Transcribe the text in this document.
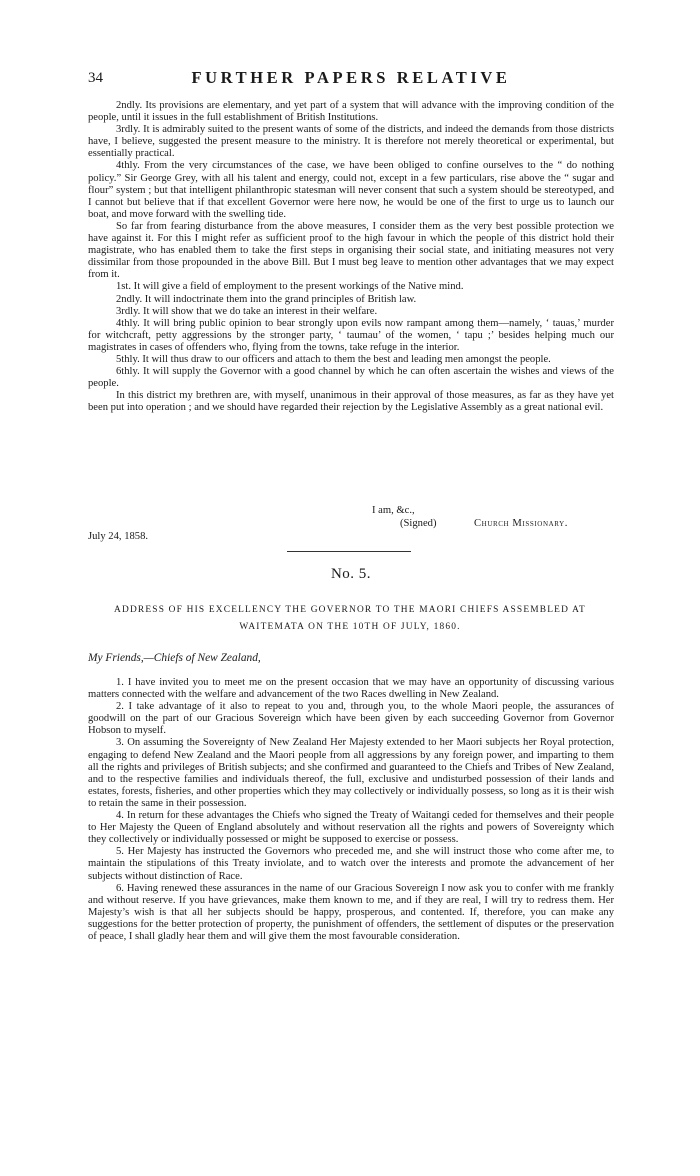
34	FURTHER PAPERS RELATIVE

2ndly. Its provisions are elementary, and yet part of a system that will advance with the improving condition of the people, until it issues in the full establishment of British Institutions.

3rdly. It is admirably suited to the present wants of some of the districts, and indeed the demands from those districts have, I believe, suggested the present measure to the ministry. It is therefore not merely theoretical or experimental, but essentially practical.

4thly. From the very circumstances of the case, we have been obliged to confine ourselves to the “ do nothing policy.” Sir George Grey, with all his talent and energy, could not, except in a few particulars, rise above the “ sugar and flour” system ; but that intelligent philanthropic statesman will never consent that such a system should be stereotyped, and I cannot but believe that if that excellent Governor were here now, he would be one of the first to urge us to launch our boat, and move forward with the swelling tide.

So far from fearing disturbance from the above measures, I consider them as the very best possible protection we have against it. For this I might refer as sufficient proof to the high favour in which the people of this district hold their magistrate, who has enabled them to take the first steps in organising their social state, and initiating measures not very dissimilar from those propounded in the above Bill. But I must beg leave to mention other advantages that we may expect from it.

1st. It will give a field of employment to the present workings of the Native mind.

2ndly. It will indoctrinate them into the grand principles of British law.

3rdly. It will show that we do take an interest in their welfare.

4thly. It will bring public opinion to bear strongly upon evils now rampant among them—namely, ‘ tauas,’ murder for witchcraft, petty aggressions by the stronger party, ‘ taumau’ of the women, ‘ tapu ;’ besides helping much our magistrates in cases of offenders who, flying from the towns, take refuge in the interior.

5thly. It will thus draw to our officers and attach to them the best and leading men amongst the people.

6thly. It will supply the Governor with a good channel by which he can often ascertain the wishes and views of the people.

In this district my brethren are, with myself, unanimous in their approval of those measures, as far as they have yet been put into operation ; and we should have regarded their rejection by the Legislative Assembly as a great national evil.

I am, &c.,
(Signed)	Church Missionary.
July 24, 1858.
No. 5.
ADDRESS OF HIS EXCELLENCY THE GOVERNOR TO THE MAORI CHIEFS ASSEMBLED AT
WAITEMATA ON THE 10TH OF JULY, 1860.
My Friends,—Chiefs of New Zealand,

1. I have invited you to meet me on the present occasion that we may have an opportunity of discussing various matters connected with the welfare and advancement of the two Races dwelling in New Zealand.

2. I take advantage of it also to repeat to you and, through you, to the whole Maori people, the assurances of goodwill on the part of our Gracious Sovereign which have been given by each succeeding Governor from Governor Hobson to myself.

3. On assuming the Sovereignty of New Zealand Her Majesty extended to her Maori subjects her Royal protection, engaging to defend New Zealand and the Maori people from all aggressions by any foreign power, and imparting to them all the rights and privileges of British subjects; and she confirmed and guaranteed to the Chiefs and Tribes of New Zealand, and to the respective families and individuals thereof, the full, exclusive and undisturbed possession of their lands and estates, forests, fisheries, and other properties which they may collectively or individually possess, so long as it is their wish to retain the same in their possession.

4. In return for these advantages the Chiefs who signed the Treaty of Waitangi ceded for themselves and their people to Her Majesty the Queen of England absolutely and without reservation all the rights and powers of Sovereignty which they collectively or individually possessed or might be supposed to exercise or possess.

5. Her Majesty has instructed the Governors who preceded me, and she will instruct those who come after me, to maintain the stipulations of this Treaty inviolate, and to watch over the interests and promote the advancement of her subjects without distinction of Race.

6. Having renewed these assurances in the name of our Gracious Sovereign I now ask you to confer with me frankly and without reserve. If you have grievances, make them known to me, and if they are real, I will try to redress them. Her Majesty’s wish is that all her subjects should be happy, prosperous, and contented. If, therefore, you can make any suggestions for the better protection of property, the punishment of offenders, the settlement of disputes or the preservation of peace, I shall gladly hear them and will give them the most favourable consideration.
